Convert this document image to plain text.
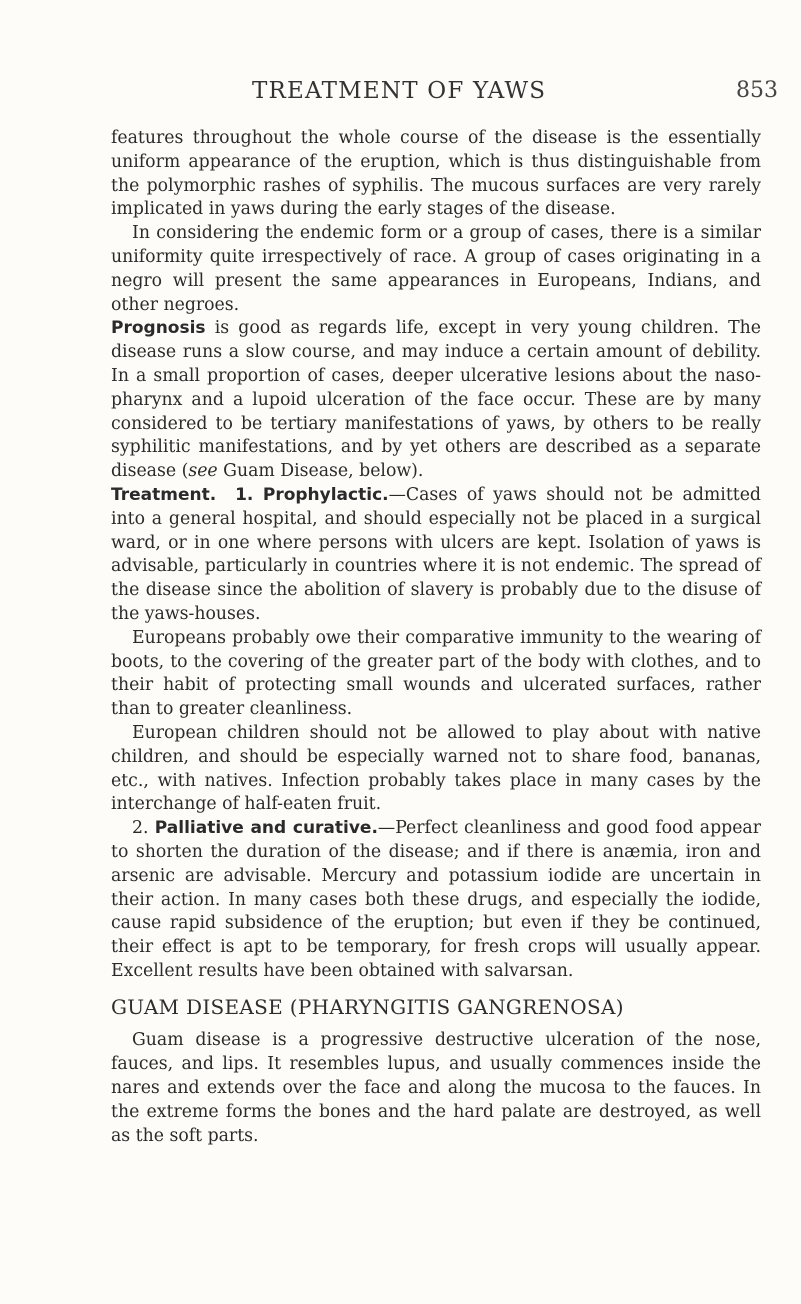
TREATMENT OF YAWS	853

features throughout the whole course of the disease is the essentially uniform appearance of the eruption, which is thus distinguishable from the polymorphic rashes of syphilis. The mucous surfaces are very rarely implicated in yaws during the early stages of the disease.

In considering the endemic form or a group of cases, there is a similar uniformity quite irrespectively of race. A group of cases originating in a negro will present the same appearances in Europeans, Indians, and other negroes.

Prognosis is good as regards life, except in very young children. The disease runs a slow course, and may induce a certain amount of debility. In a small proportion of cases, deeper ulcerative lesions about the naso-pharynx and a lupoid ulceration of the face occur. These are by many considered to be tertiary manifestations of yaws, by others to be really syphilitic manifestations, and by yet others are described as a separate disease (see Guam Disease, below).

Treatment. 1. Prophylactic.—Cases of yaws should not be admitted into a general hospital, and should especially not be placed in a surgical ward, or in one where persons with ulcers are kept. Isolation of yaws is advisable, particularly in countries where it is not endemic. The spread of the disease since the abolition of slavery is probably due to the disuse of the yaws-houses.

Europeans probably owe their comparative immunity to the wearing of boots, to the covering of the greater part of the body with clothes, and to their habit of protecting small wounds and ulcerated surfaces, rather than to greater cleanliness.

European children should not be allowed to play about with native children, and should be especially warned not to share food, bananas, etc., with natives. Infection probably takes place in many cases by the interchange of half-eaten fruit.

2. Palliative and curative.—Perfect cleanliness and good food appear to shorten the duration of the disease; and if there is anæmia, iron and arsenic are advisable. Mercury and potassium iodide are uncertain in their action. In many cases both these drugs, and especially the iodide, cause rapid subsidence of the eruption; but even if they be continued, their effect is apt to be temporary, for fresh crops will usually appear. Excellent results have been obtained with salvarsan.

GUAM DISEASE (PHARYNGITIS GANGRENOSA)

Guam disease is a progressive destructive ulceration of the nose, fauces, and lips. It resembles lupus, and usually commences inside the nares and extends over the face and along the mucosa to the fauces. In the extreme forms the bones and the hard palate are destroyed, as well as the soft parts.
